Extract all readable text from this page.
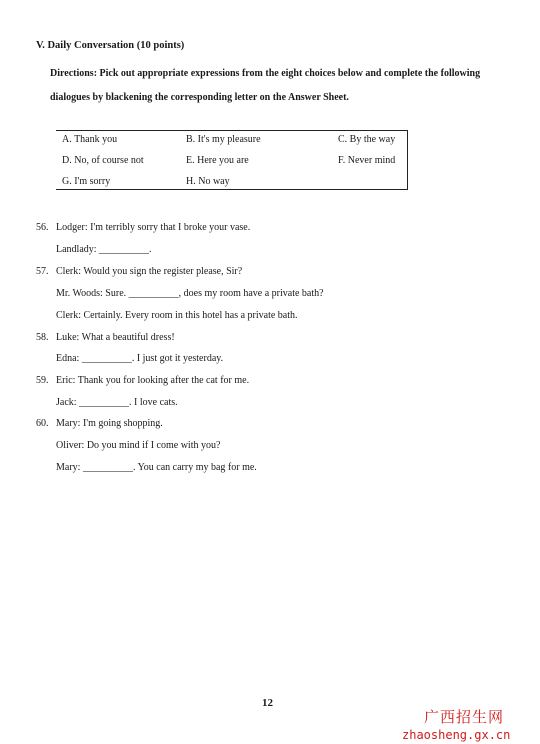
V. Daily Conversation (10 points)
Directions: Pick out appropriate expressions from the eight choices below and complete the following dialogues by blackening the corresponding letter on the Answer Sheet.
A. Thank you	B. It's my pleasure	C. By the way
D. No, of course not	E. Here you are	F. Never mind
G. I'm sorry	H. No way
56. Lodger: I'm terribly sorry that I broke your vase.
Landlady: __________.
57. Clerk: Would you sign the register please, Sir?
Mr. Woods: Sure. __________, does my room have a private bath?
Clerk: Certainly. Every room in this hotel has a private bath.
58. Luke: What a beautiful dress!
Edna: __________. I just got it yesterday.
59. Eric: Thank you for looking after the cat for me.
Jack: __________. I love cats.
60. Mary: I'm going shopping.
Oliver: Do you mind if I come with you?
Mary: __________. You can carry my bag for me.
12
广西招生网
zhaosheng.gx.cn
